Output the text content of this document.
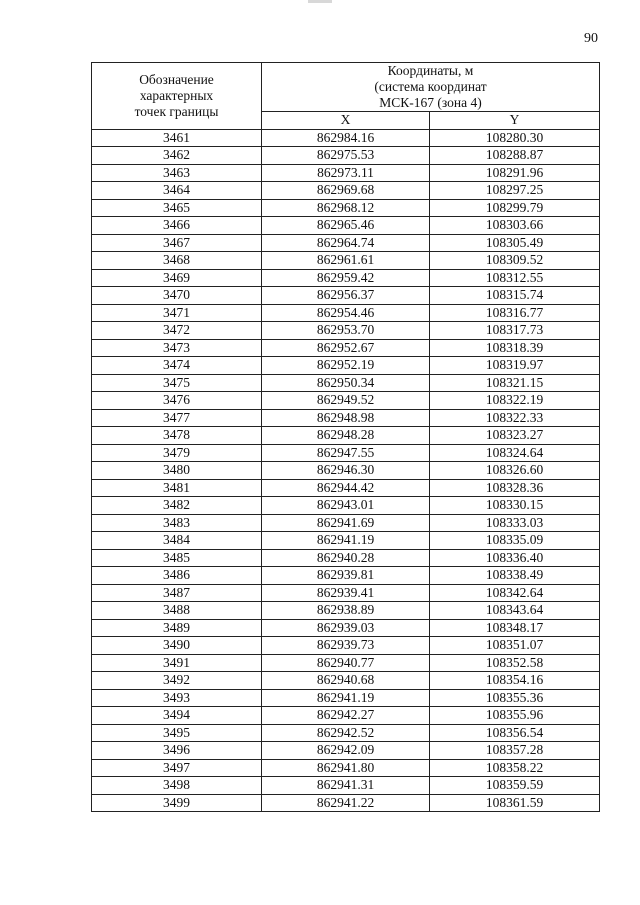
90
Обозначение
характерных
точек границы	Координаты, м
(система координат
МСК-167 (зона 4)	

	X	Y
3461	862984.16	108280.30
3462	862975.53	108288.87
3463	862973.11	108291.96
3464	862969.68	108297.25
3465	862968.12	108299.79
3466	862965.46	108303.66
3467	862964.74	108305.49
3468	862961.61	108309.52
3469	862959.42	108312.55
3470	862956.37	108315.74
3471	862954.46	108316.77
3472	862953.70	108317.73
3473	862952.67	108318.39
3474	862952.19	108319.97
3475	862950.34	108321.15
3476	862949.52	108322.19
3477	862948.98	108322.33
3478	862948.28	108323.27
3479	862947.55	108324.64
3480	862946.30	108326.60
3481	862944.42	108328.36
3482	862943.01	108330.15
3483	862941.69	108333.03
3484	862941.19	108335.09
3485	862940.28	108336.40
3486	862939.81	108338.49
3487	862939.41	108342.64
3488	862938.89	108343.64
3489	862939.03	108348.17
3490	862939.73	108351.07
3491	862940.77	108352.58
3492	862940.68	108354.16
3493	862941.19	108355.36
3494	862942.27	108355.96
3495	862942.52	108356.54
3496	862942.09	108357.28
3497	862941.80	108358.22
3498	862941.31	108359.59
3499	862941.22	108361.59
